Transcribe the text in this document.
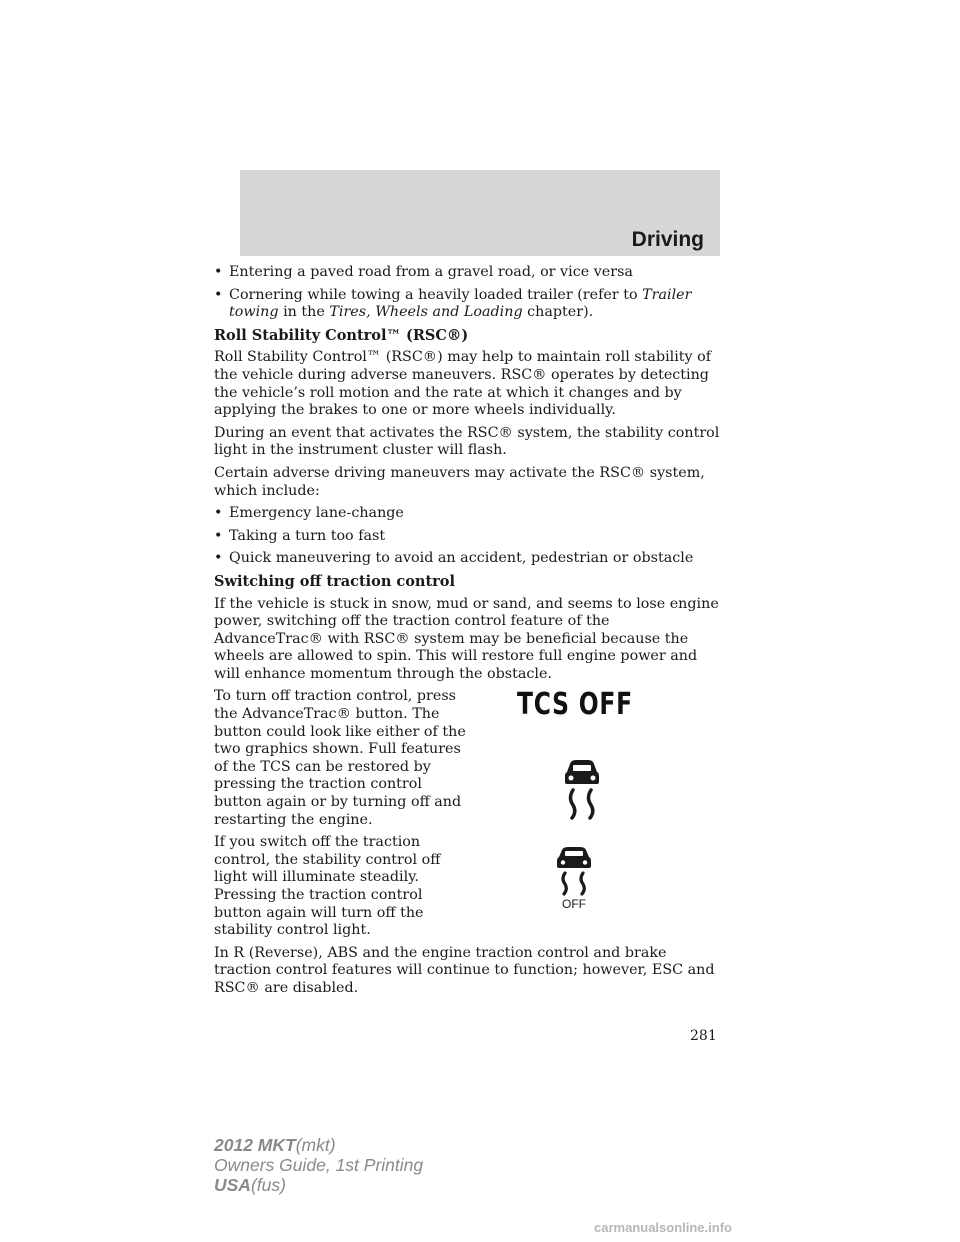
Driving
• Entering a paved road from a gravel road, or vice versa
• Cornering while towing a heavily loaded trailer (refer to Trailer towing in the Tires, Wheels and Loading chapter).
Roll Stability Control™ (RSC®)

Roll Stability Control™ (RSC®) may help to maintain roll stability of the vehicle during adverse maneuvers. RSC® operates by detecting the vehicle’s roll motion and the rate at which it changes and by applying the brakes to one or more wheels individually.

During an event that activates the RSC® system, the stability control light in the instrument cluster will flash.

Certain adverse driving maneuvers may activate the RSC® system, which include:

• Emergency lane-change
• Taking a turn too fast
• Quick maneuvering to avoid an accident, pedestrian or obstacle
Switching off traction control

If the vehicle is stuck in snow, mud or sand, and seems to lose engine power, switching off the traction control feature of the AdvanceTrac® with RSC® system may be beneficial because the wheels are allowed to spin. This will restore full engine power and will enhance momentum through the obstacle.

To turn off traction control, press the AdvanceTrac® button. The button could look like either of the two graphics shown. Full features of the TCS can be restored by pressing the traction control button again or by turning off and restarting the engine.

If you switch off the traction control, the stability control off light will illuminate steadily. Pressing the traction control button again will turn off the stability control light.

TCS OFF
OFF

In R (Reverse), ABS and the engine traction control and brake traction control features will continue to function; however, ESC and RSC® are disabled.

281
2012 MKT(mkt)
Owners Guide, 1st Printing
USA(fus)
carmanualsonline.info
